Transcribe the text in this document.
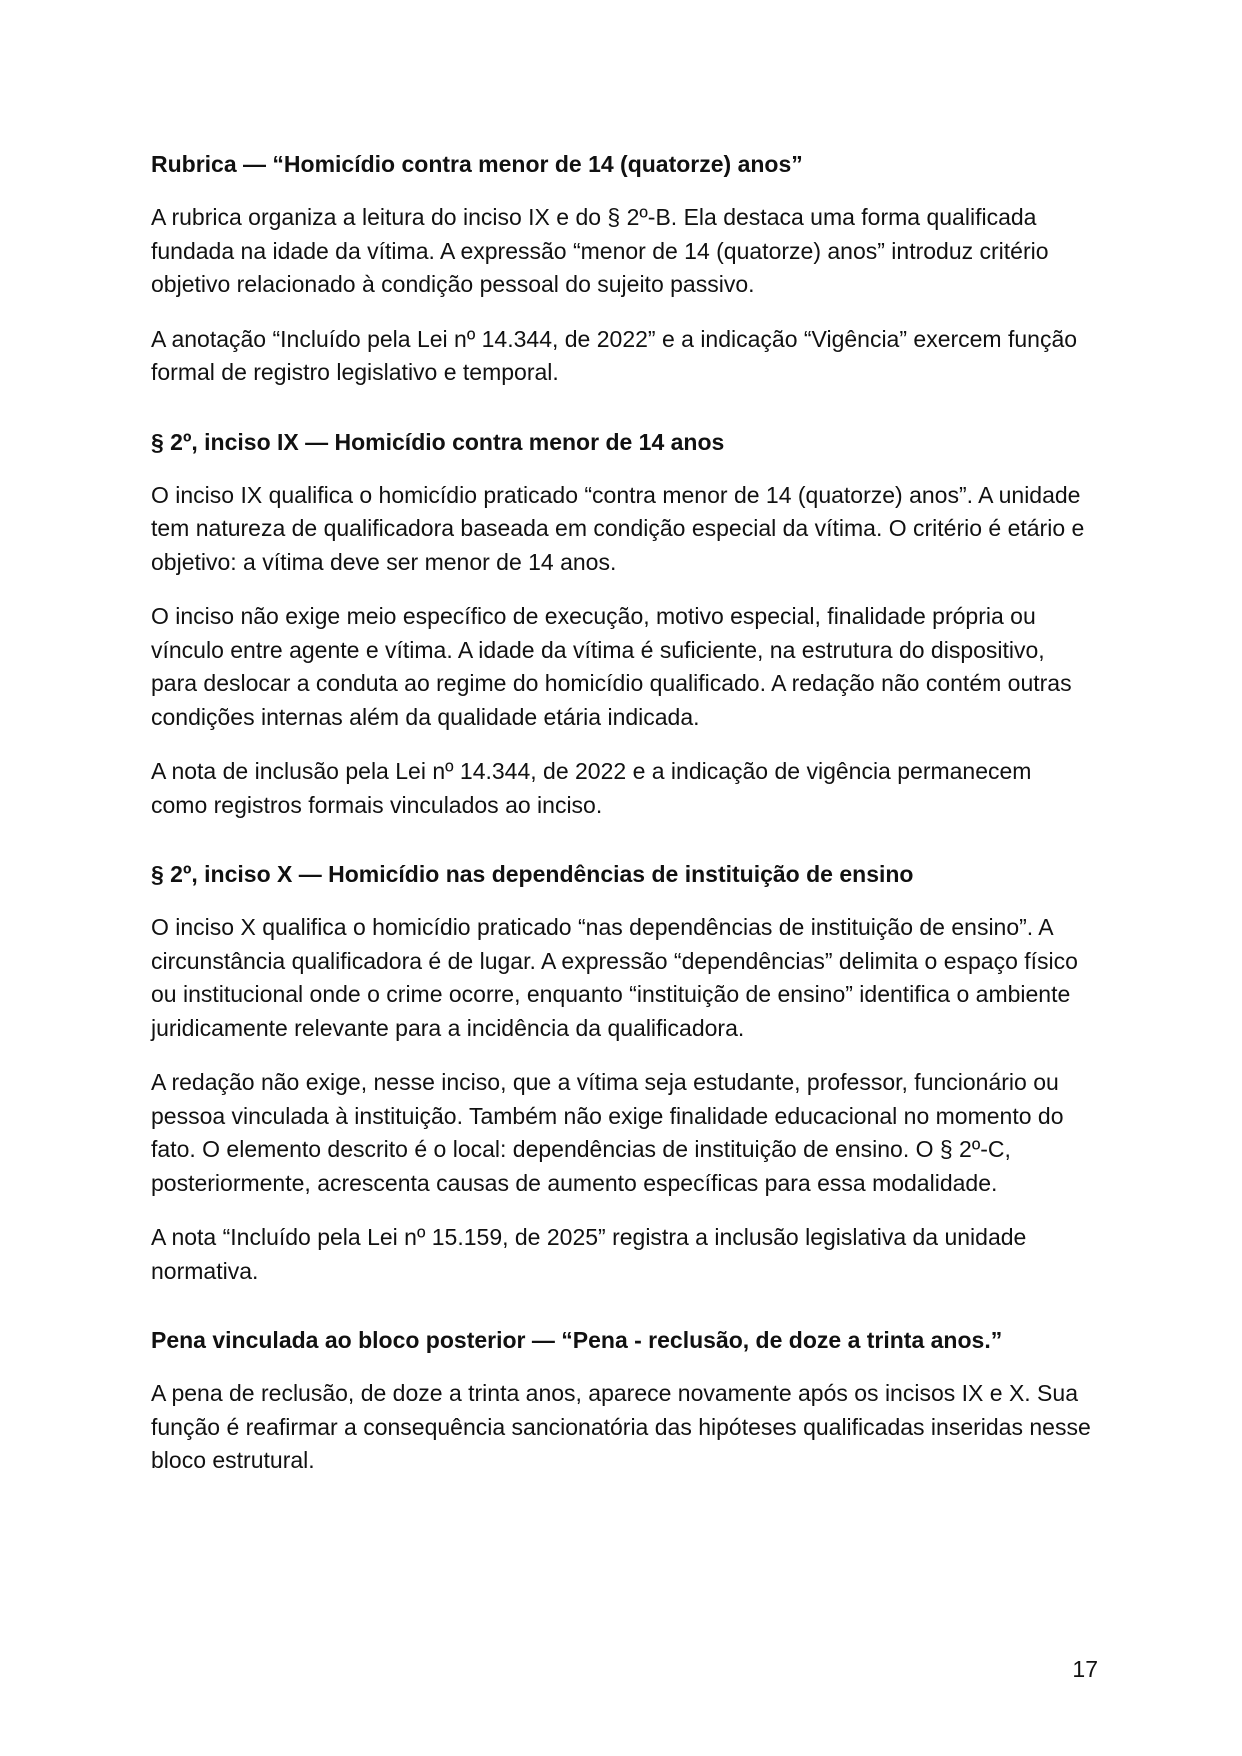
Rubrica — “Homicídio contra menor de 14 (quatorze) anos”

A rubrica organiza a leitura do inciso IX e do § 2º-B. Ela destaca uma forma qualificada fundada na idade da vítima. A expressão “menor de 14 (quatorze) anos” introduz critério objetivo relacionado à condição pessoal do sujeito passivo.

A anotação “Incluído pela Lei nº 14.344, de 2022” e a indicação “Vigência” exercem função formal de registro legislativo e temporal.

§ 2º, inciso IX — Homicídio contra menor de 14 anos

O inciso IX qualifica o homicídio praticado “contra menor de 14 (quatorze) anos”. A unidade tem natureza de qualificadora baseada em condição especial da vítima. O critério é etário e objetivo: a vítima deve ser menor de 14 anos.

O inciso não exige meio específico de execução, motivo especial, finalidade própria ou vínculo entre agente e vítima. A idade da vítima é suficiente, na estrutura do dispositivo, para deslocar a conduta ao regime do homicídio qualificado. A redação não contém outras condições internas além da qualidade etária indicada.

A nota de inclusão pela Lei nº 14.344, de 2022 e a indicação de vigência permanecem como registros formais vinculados ao inciso.

§ 2º, inciso X — Homicídio nas dependências de instituição de ensino

O inciso X qualifica o homicídio praticado “nas dependências de instituição de ensino”. A circunstância qualificadora é de lugar. A expressão “dependências” delimita o espaço físico ou institucional onde o crime ocorre, enquanto “instituição de ensino” identifica o ambiente juridicamente relevante para a incidência da qualificadora.

A redação não exige, nesse inciso, que a vítima seja estudante, professor, funcionário ou pessoa vinculada à instituição. Também não exige finalidade educacional no momento do fato. O elemento descrito é o local: dependências de instituição de ensino. O § 2º-C, posteriormente, acrescenta causas de aumento específicas para essa modalidade.

A nota “Incluído pela Lei nº 15.159, de 2025” registra a inclusão legislativa da unidade normativa.

Pena vinculada ao bloco posterior — “Pena - reclusão, de doze a trinta anos.”

A pena de reclusão, de doze a trinta anos, aparece novamente após os incisos IX e X. Sua função é reafirmar a consequência sancionatória das hipóteses qualificadas inseridas nesse bloco estrutural.

17
